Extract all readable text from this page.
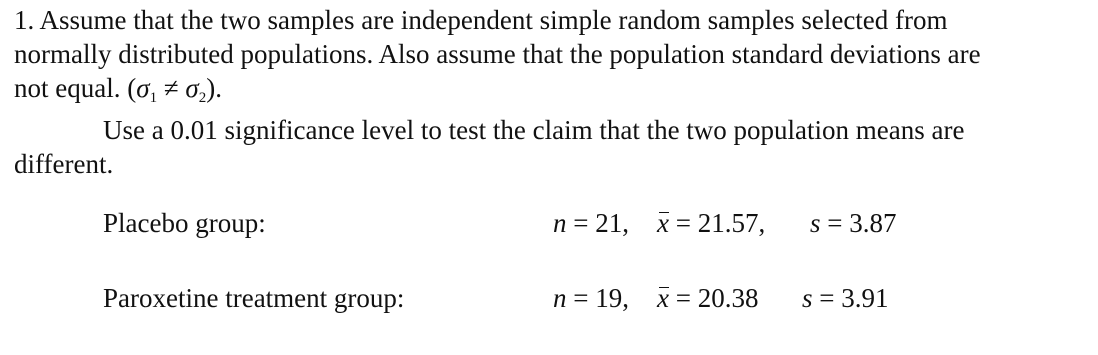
1. Assume that the two samples are independent simple random samples selected from
normally distributed populations. Also assume that the population standard deviations are
not equal. $(\sigma_1 \ne \sigma_2)$.
Use a 0.01 significance level to test the claim that the two population means are
different.
Placebo group:	n = 21, x = 21.57, s = 3.87
Paroxetine treatment group:	n = 19, x = 20.38 s = 3.91
